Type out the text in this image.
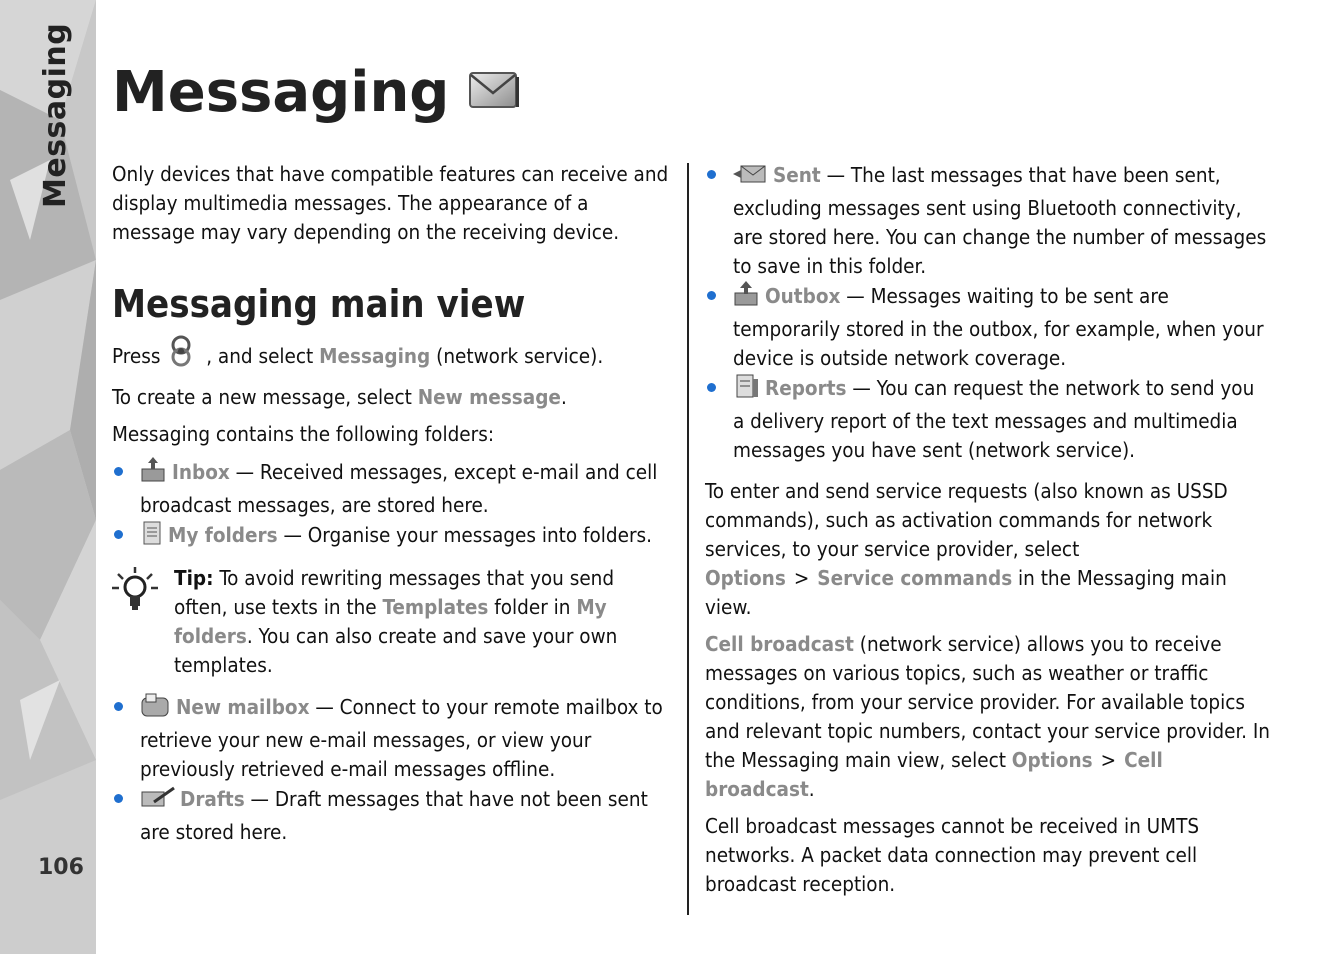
Messaging
106
Messaging

Only devices that have compatible features can receive and display multimedia messages. The appearance of a message may vary depending on the receiving device.

Messaging main view

Press , and select Messaging (network service).

To create a new message, select New message.

Messaging contains the following folders:

Inbox — Received messages, except e-mail and cell broadcast messages, are stored here.
My folders — Organise your messages into folders.
Tip: To avoid rewriting messages that you send often, use texts in the Templates folder in My folders. You can also create and save your own templates.
New mailbox — Connect to your remote mailbox to retrieve your new e-mail messages, or view your previously retrieved e-mail messages offline.
Drafts — Draft messages that have not been sent are stored here.
Sent — The last messages that have been sent, excluding messages sent using Bluetooth connectivity, are stored here. You can change the number of messages to save in this folder.
Outbox — Messages waiting to be sent are temporarily stored in the outbox, for example, when your device is outside network coverage.
Reports — You can request the network to send you a delivery report of the text messages and multimedia messages you have sent (network service).

To enter and send service requests (also known as USSD commands), such as activation commands for network services, to your service provider, select Options > Service commands in the Messaging main view.

Cell broadcast (network service) allows you to receive messages on various topics, such as weather or traffic conditions, from your service provider. For available topics and relevant topic numbers, contact your service provider. In the Messaging main view, select Options > Cell broadcast.

Cell broadcast messages cannot be received in UMTS networks. A packet data connection may prevent cell broadcast reception.
